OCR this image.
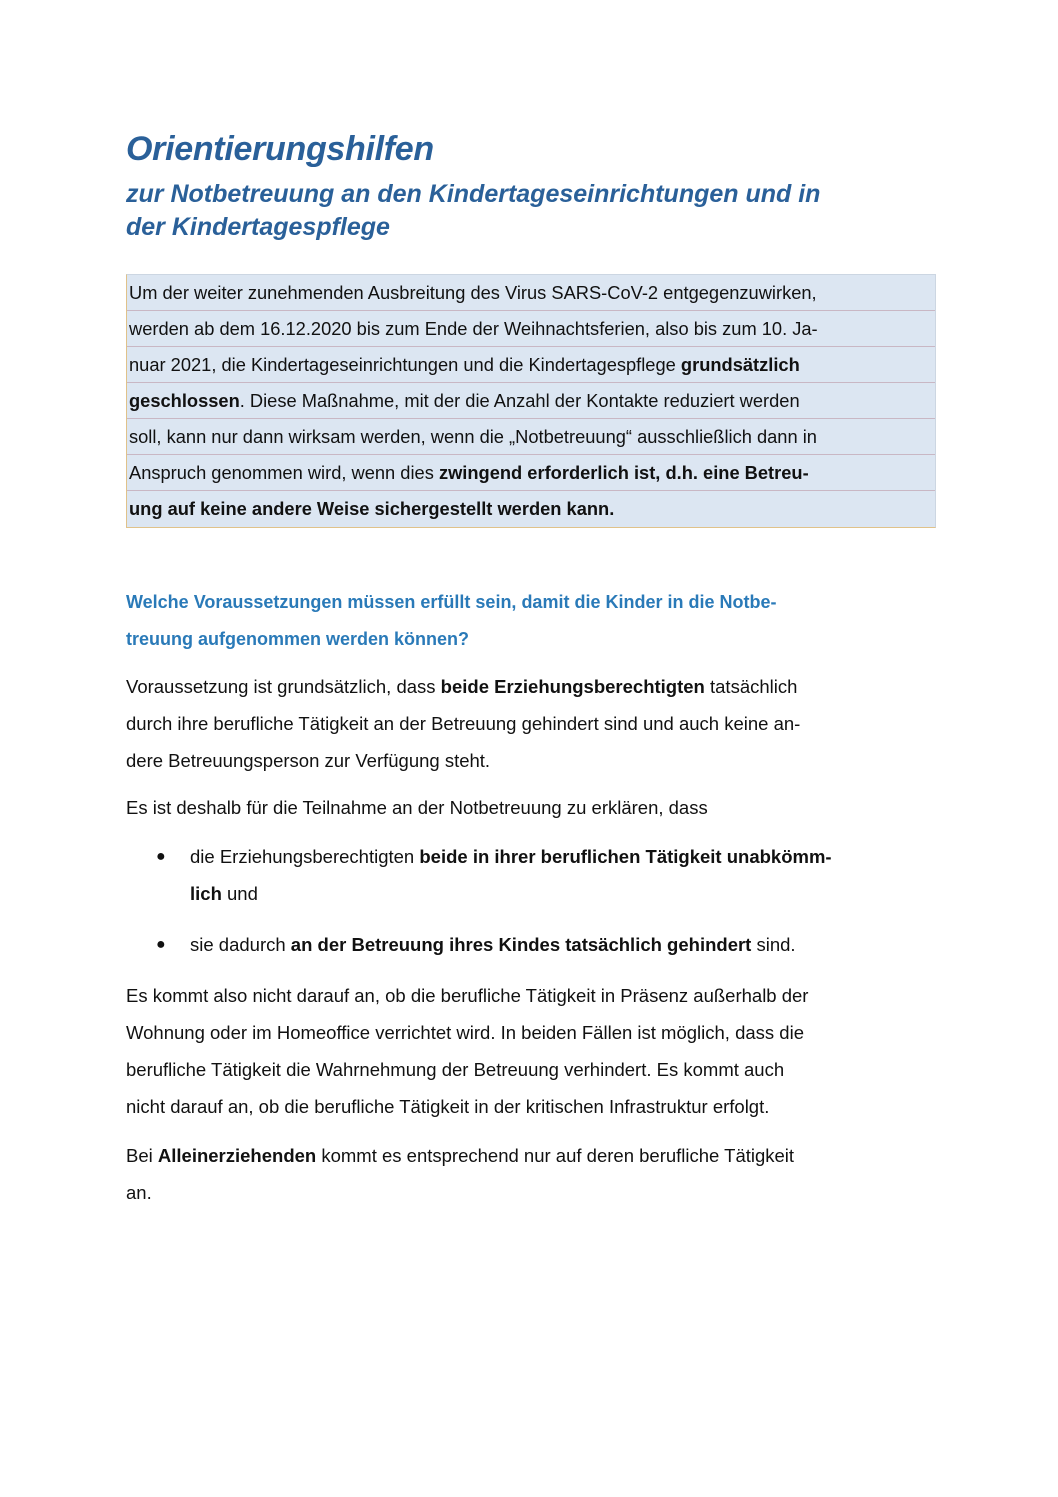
Orientierungshilfen
zur Notbetreuung an den Kindertageseinrichtungen und in
der Kindertagespflege
Um der weiter zunehmenden Ausbreitung des Virus SARS-CoV-2 entgegenzuwirken,
werden ab dem 16.12.2020 bis zum Ende der Weihnachtsferien, also bis zum 10. Ja-
nuar 2021, die Kindertageseinrichtungen und die Kindertagespflege grundsätzlich
geschlossen. Diese Maßnahme, mit der die Anzahl der Kontakte reduziert werden
soll, kann nur dann wirksam werden, wenn die „Notbetreuung“ ausschließlich dann in
Anspruch genommen wird, wenn dies zwingend erforderlich ist, d.h. eine Betreu-
ung auf keine andere Weise sichergestellt werden kann.
Welche Voraussetzungen müssen erfüllt sein, damit die Kinder in die Notbe-
treuung aufgenommen werden können?

Voraussetzung ist grundsätzlich, dass beide Erziehungsberechtigten tatsächlich
durch ihre berufliche Tätigkeit an der Betreuung gehindert sind und auch keine an-
dere Betreuungsperson zur Verfügung steht.

Es ist deshalb für die Teilnahme an der Notbetreuung zu erklären, dass

● die Erziehungsberechtigten beide in ihrer beruflichen Tätigkeit unabkömm-
lich und
● sie dadurch an der Betreuung ihres Kindes tatsächlich gehindert sind.

Es kommt also nicht darauf an, ob die berufliche Tätigkeit in Präsenz außerhalb der
Wohnung oder im Homeoffice verrichtet wird. In beiden Fällen ist möglich, dass die
berufliche Tätigkeit die Wahrnehmung der Betreuung verhindert. Es kommt auch
nicht darauf an, ob die berufliche Tätigkeit in der kritischen Infrastruktur erfolgt.

Bei Alleinerziehenden kommt es entsprechend nur auf deren berufliche Tätigkeit
an.
